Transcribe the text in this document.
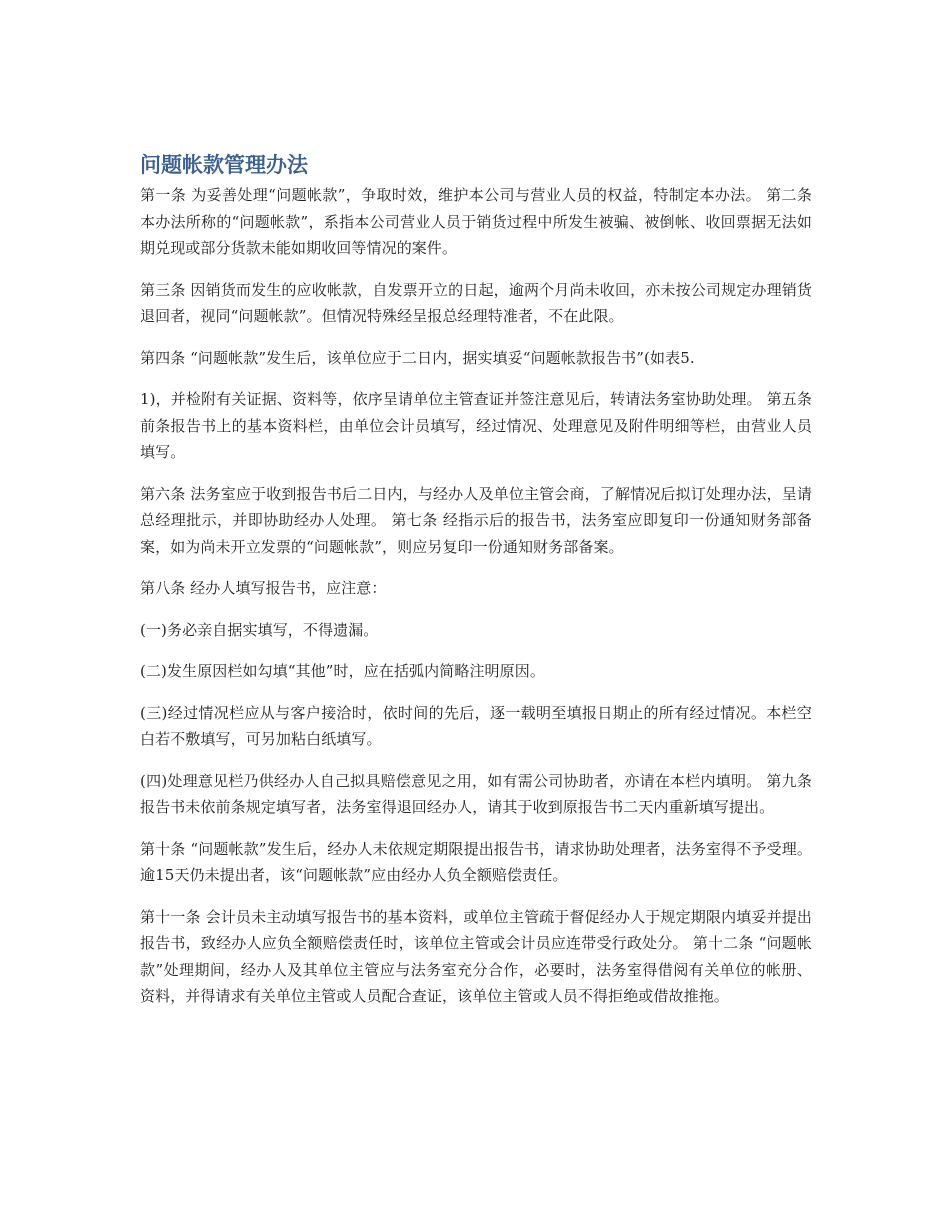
问题帐款管理办法

第一条 为妥善处理“问题帐款”，争取时效，维护本公司与营业人员的权益，特制定本办法。 第二条 本办法所称的“问题帐款”，系指本公司营业人员于销货过程中所发生被骗、被倒帐、收回票据无法如期兑现或部分货款未能如期收回等情况的案件。

第三条 因销货而发生的应收帐款，自发票开立的日起，逾两个月尚未收回，亦未按公司规定办理销货退回者，视同“问题帐款”。但情况特殊经呈报总经理特准者，不在此限。

第四条 “问题帐款”发生后，该单位应于二日内，据实填妥“问题帐款报告书”(如表5.

1)，并检附有关证据、资料等，依序呈请单位主管查证并签注意见后，转请法务室协助处理。 第五条 前条报告书上的基本资料栏，由单位会计员填写，经过情况、处理意见及附件明细等栏，由营业人员填写。

第六条 法务室应于收到报告书后二日内，与经办人及单位主管会商，了解情况后拟订处理办法，呈请总经理批示，并即协助经办人处理。 第七条 经指示后的报告书，法务室应即复印一份通知财务部备案，如为尚未开立发票的“问题帐款”，则应另复印一份通知财务部备案。

第八条 经办人填写报告书，应注意：

(一)务必亲自据实填写，不得遗漏。

(二)发生原因栏如勾填“其他”时，应在括弧内简略注明原因。

(三)经过情况栏应从与客户接洽时，依时间的先后，逐一载明至填报日期止的所有经过情况。本栏空白若不敷填写，可另加粘白纸填写。

(四)处理意见栏乃供经办人自己拟具赔偿意见之用，如有需公司协助者，亦请在本栏内填明。 第九条 报告书未依前条规定填写者，法务室得退回经办人，请其于收到原报告书二天内重新填写提出。

第十条 “问题帐款”发生后，经办人未依规定期限提出报告书，请求协助处理者，法务室得不予受理。逾15天仍未提出者，该“问题帐款”应由经办人负全额赔偿责任。

第十一条 会计员未主动填写报告书的基本资料，或单位主管疏于督促经办人于规定期限内填妥并提出报告书，致经办人应负全额赔偿责任时，该单位主管或会计员应连带受行政处分。 第十二条 “问题帐款”处理期间，经办人及其单位主管应与法务室充分合作，必要时，法务室得借阅有关单位的帐册、资料，并得请求有关单位主管或人员配合查证，该单位主管或人员不得拒绝或借故推拖。
